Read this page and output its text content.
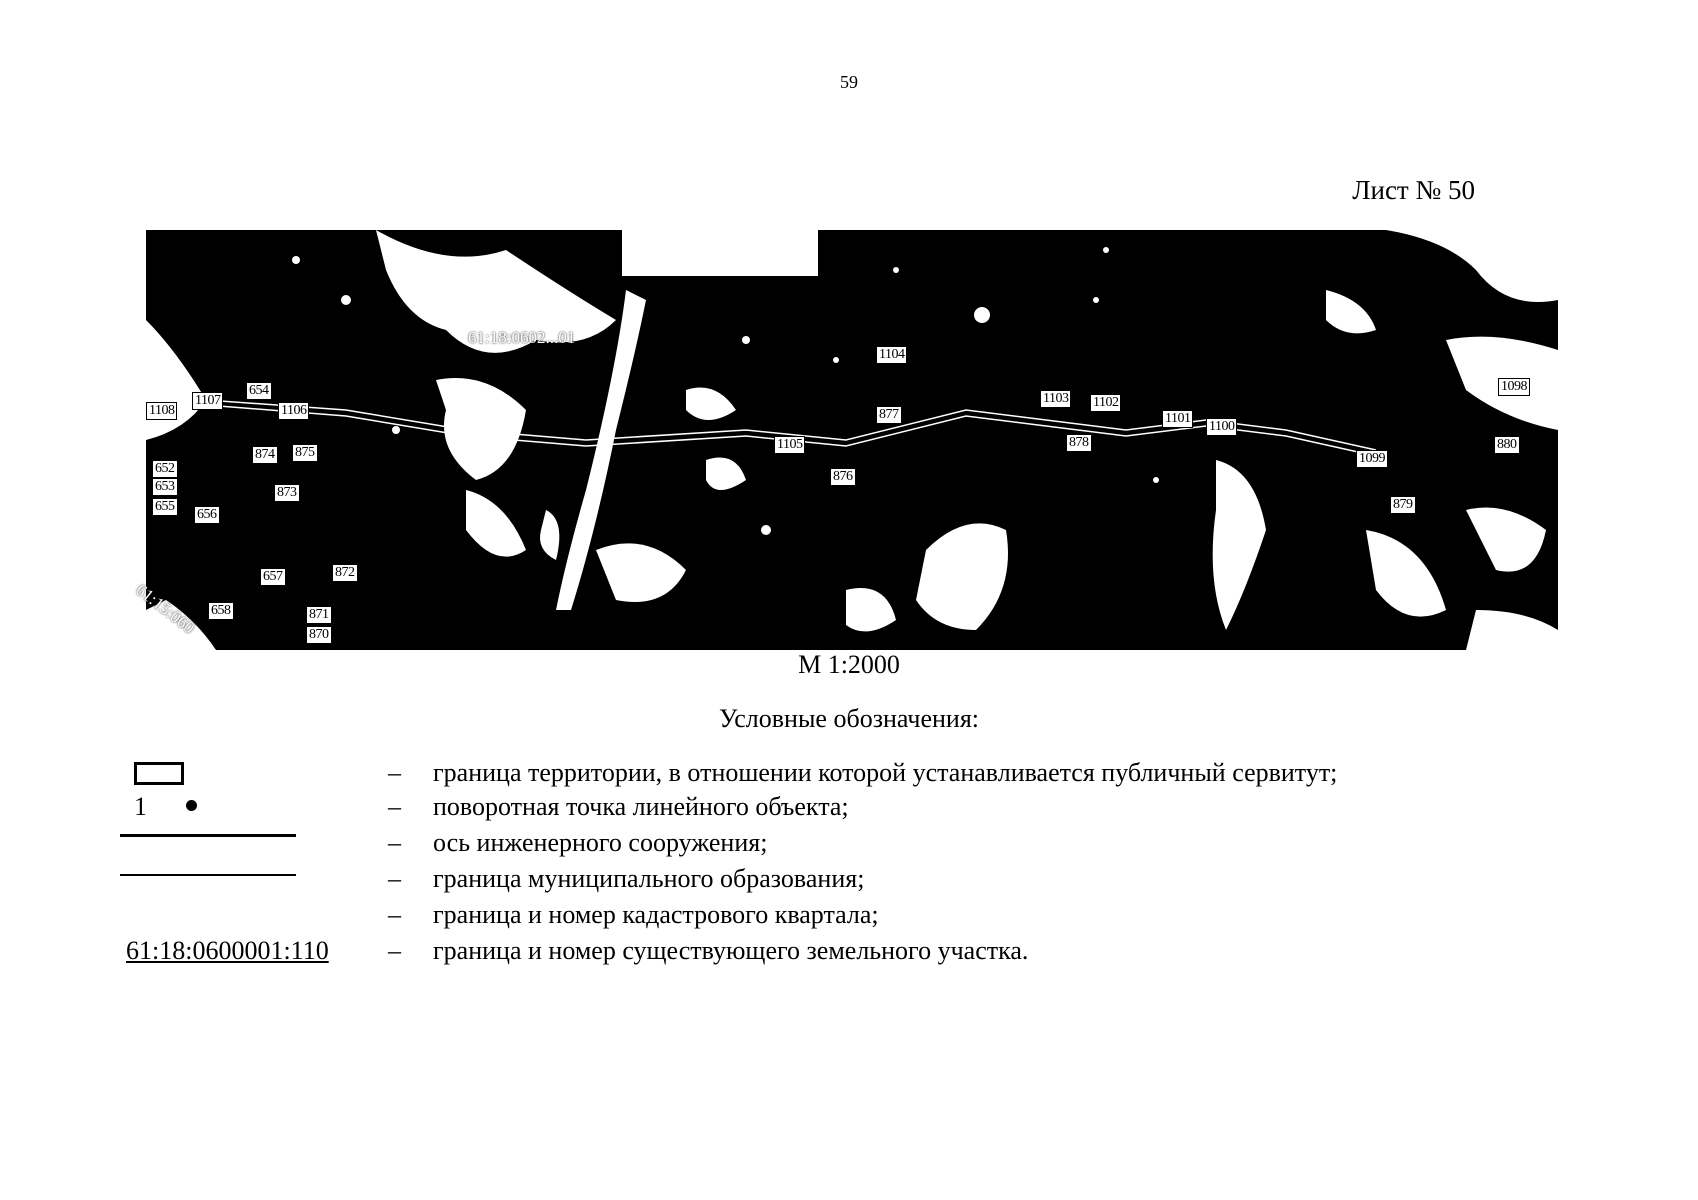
59
Лист № 50
61:18:0602...01
61:15:060
1108
1107
654
1106
874 875
652
653	873
655
656
657	872
658	871
870
1104
877
1105
876
1103 1102
878
1101
1100
1099
879
1098
880
М 1:2000
Условные обозначения:
– граница территории, в отношении которой устанавливается публичный сервитут;
1	– поворотная точка линейного объекта;
– ось инженерного сооружения;
– граница муниципального образования;
– граница и номер кадастрового квартала;
61:18:0600001:110 – граница и номер существующего земельного участка.
